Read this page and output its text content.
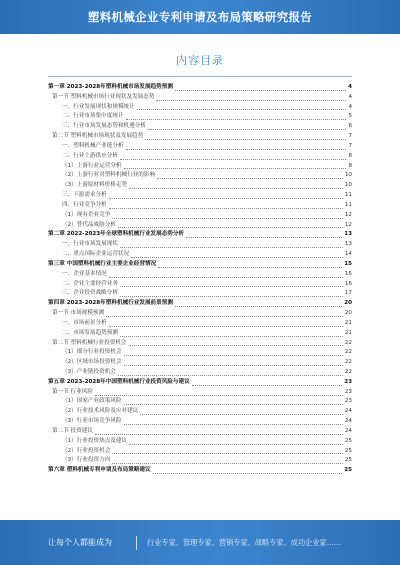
塑料机械企业专利申请及布局策略研究报告
内容目录
第一章 2023-2028年塑料机械市场发展趋势预测	4
第一节 塑料机械市场行业现状及发展态势	4
一、行业发展现状和规模统计	4
二、行业市场集中度统计	5
三、行业市场发展态势和机遇分析	6
第二节 塑料机械市场现状及发展趋势	7
一、塑料机械产业链分析	7
二、行业上游供应分析	8
（1）上游行业运营分析	8
（2）上游行业对塑料机械行业的影响	10
（3）上游原材料价格走势	10
三、下游需求分析	11
四、行业竞争分析	11
（1）现有企业竞争	12
（2）替代品威胁分析	12
第二章 2022-2023年全球塑料机械行业发展态势分析	13
一、行业市场发展现状	13
二、重点国际企业运营状况	14
第三章 中国塑料机械行业主要企业经营情况	15
一、企业基本情况	15
二、企业主要经营业务	16
三、企业投资战略分析	17
第四章 2023-2028年塑料机械行业发展前景预测	20
第一节 市场规模预测	20
一、市场前景分析	21
二、市场发展趋势预测	21
第二节 塑料机械行业投资机会	22
（1）细分行业投资机会	22
（2）区域市场投资机会	22
（3）产业链投资机会	22
第五章 2023-2028年中国塑料机械行业投资风险与建议	23
第一节 行业风险	23
（1）国家产业政策风险	23
（2）行业技术风险及应对建议	24
（3）行业市场竞争风险	24
第二节 投资建议	24
（1）行业投资热点及建议	25
（2）行业投资机会	25
（3）行业投资方向	25
第六章 塑料机械专利申请及布局策略建议	25
让每个人都能成为	行业专家、管理专家、营销专家、战略专家、成功企业家……
